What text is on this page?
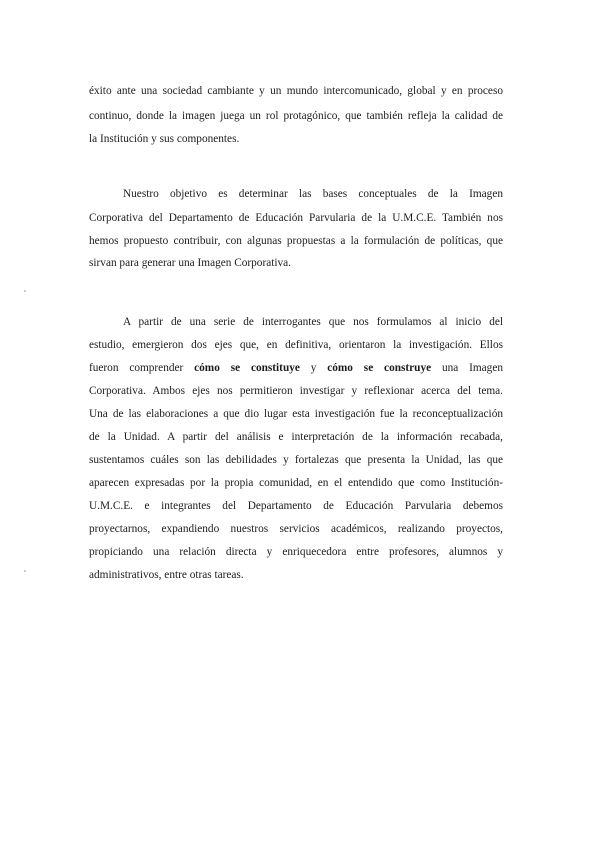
éxito ante una sociedad cambiante y un mundo intercomunicado, global y en proceso
continuo, donde la imagen juega un rol protagónico, que también refleja la calidad de
la Institución y sus componentes.
Nuestro objetivo es determinar las bases conceptuales de la Imagen
Corporativa del Departamento de Educación Parvularia de la U.M.C.E. También nos
hemos propuesto contribuir, con algunas propuestas a la formulación de políticas, que
sirvan para generar una Imagen Corporativa.
A partir de una serie de interrogantes que nos formulamos al inicio del
estudio, emergieron dos ejes que, en definitiva, orientaron la investigación. Ellos
fueron comprender cómo se constituye y cómo se construye una Imagen
Corporativa. Ambos ejes nos permitieron investigar y reflexionar acerca del tema.
Una de las elaboraciones a que dio lugar esta investigación fue la reconceptualización
de la Unidad. A partir del análisis e interpretación de la información recabada,
sustentamos cuáles son las debilidades y fortalezas que presenta la Unidad, las que
aparecen expresadas por la propia comunidad, en el entendido que como Institución-
U.M.C.E. e integrantes del Departamento de Educación Parvularia debemos
proyectarnos, expandiendo nuestros servicios académicos, realizando proyectos,
propiciando una relación directa y enriquecedora entre profesores, alumnos y
administrativos, entre otras tareas.
